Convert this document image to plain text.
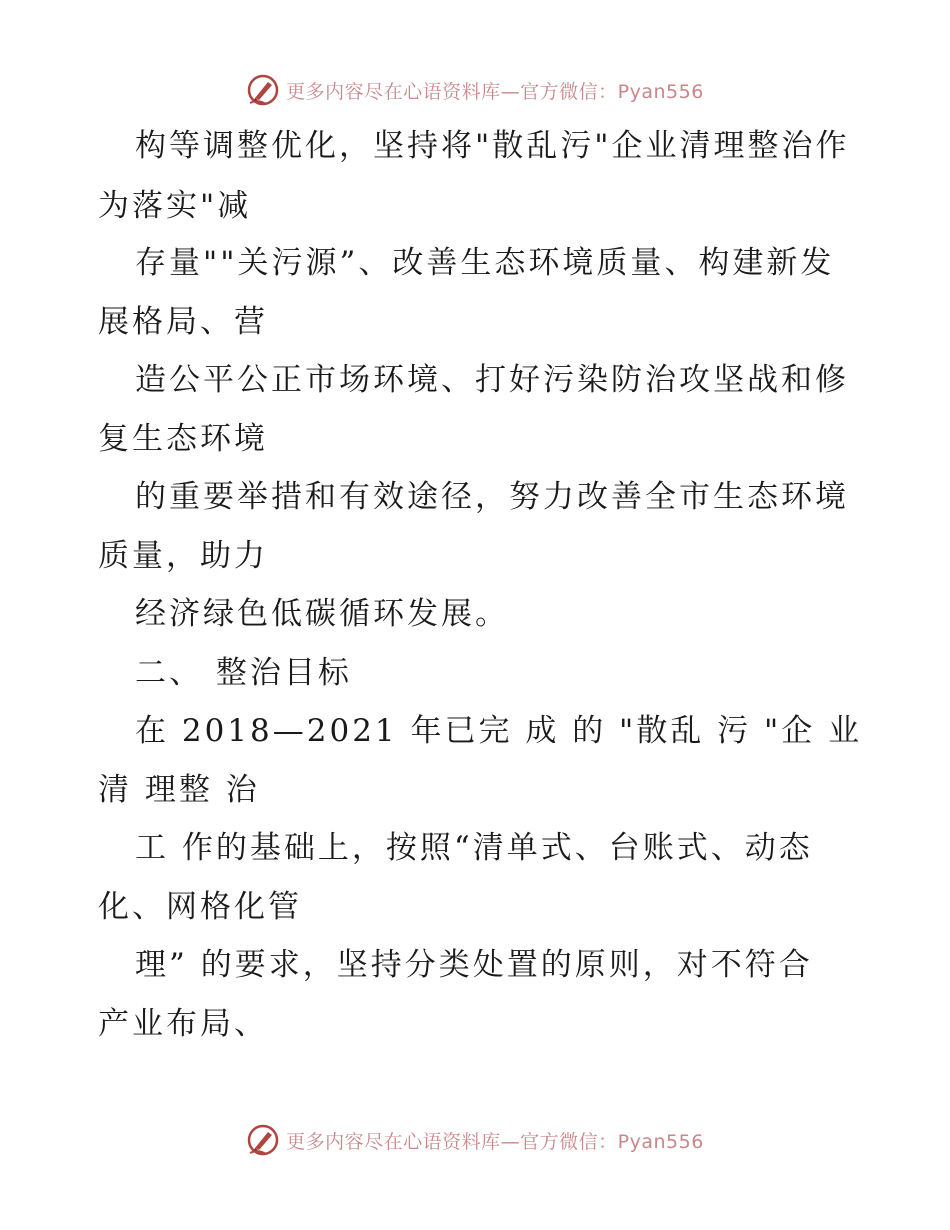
更多内容尽在心语资料库—官方微信：Pyan556
构等调整优化，坚持将"散乱污"企业清理整治作
为落实"减
存量""关污源”、改善生态环境质量、构建新发
展格局、营
造公平公正市场环境、打好污染防治攻坚战和修
复生态环境
的重要举措和有效途径，努力改善全市生态环境
质量，助力
经济绿色低碳循环发展。
二、 整治目标
在 2018—2021 年已完 成 的 "散乱 污 "企 业
清 理整 治
工 作的基础上，按照“清单式、台账式、动态
化、网格化管
理” 的要求，坚持分类处置的原则，对不符合
产业布局、
更多内容尽在心语资料库—官方微信：Pyan556
